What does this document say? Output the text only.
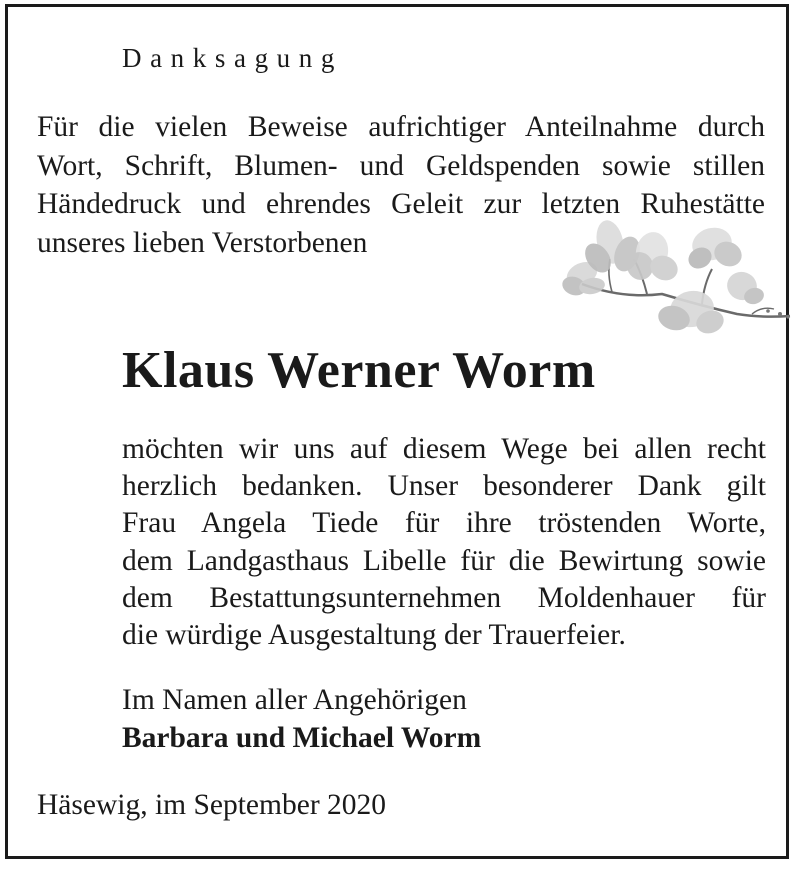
Danksagung
Für die vielen Beweise aufrichtiger Anteilnahme durch
Wort, Schrift, Blumen- und Geldspenden sowie stillen
Händedruck und ehrendes Geleit zur letzten Ruhestätte
unseres lieben Verstorbenen
Klaus Werner Worm
möchten wir uns auf diesem Wege bei allen recht
herzlich bedanken. Unser besonderer Dank gilt
Frau Angela Tiede für ihre tröstenden Worte,
dem Landgasthaus Libelle für die Bewirtung sowie
dem Bestattungsunternehmen Moldenhauer für
die würdige Ausgestaltung der Trauerfeier.
Im Namen aller Angehörigen
Barbara und Michael Worm
Häsewig, im September 2020
